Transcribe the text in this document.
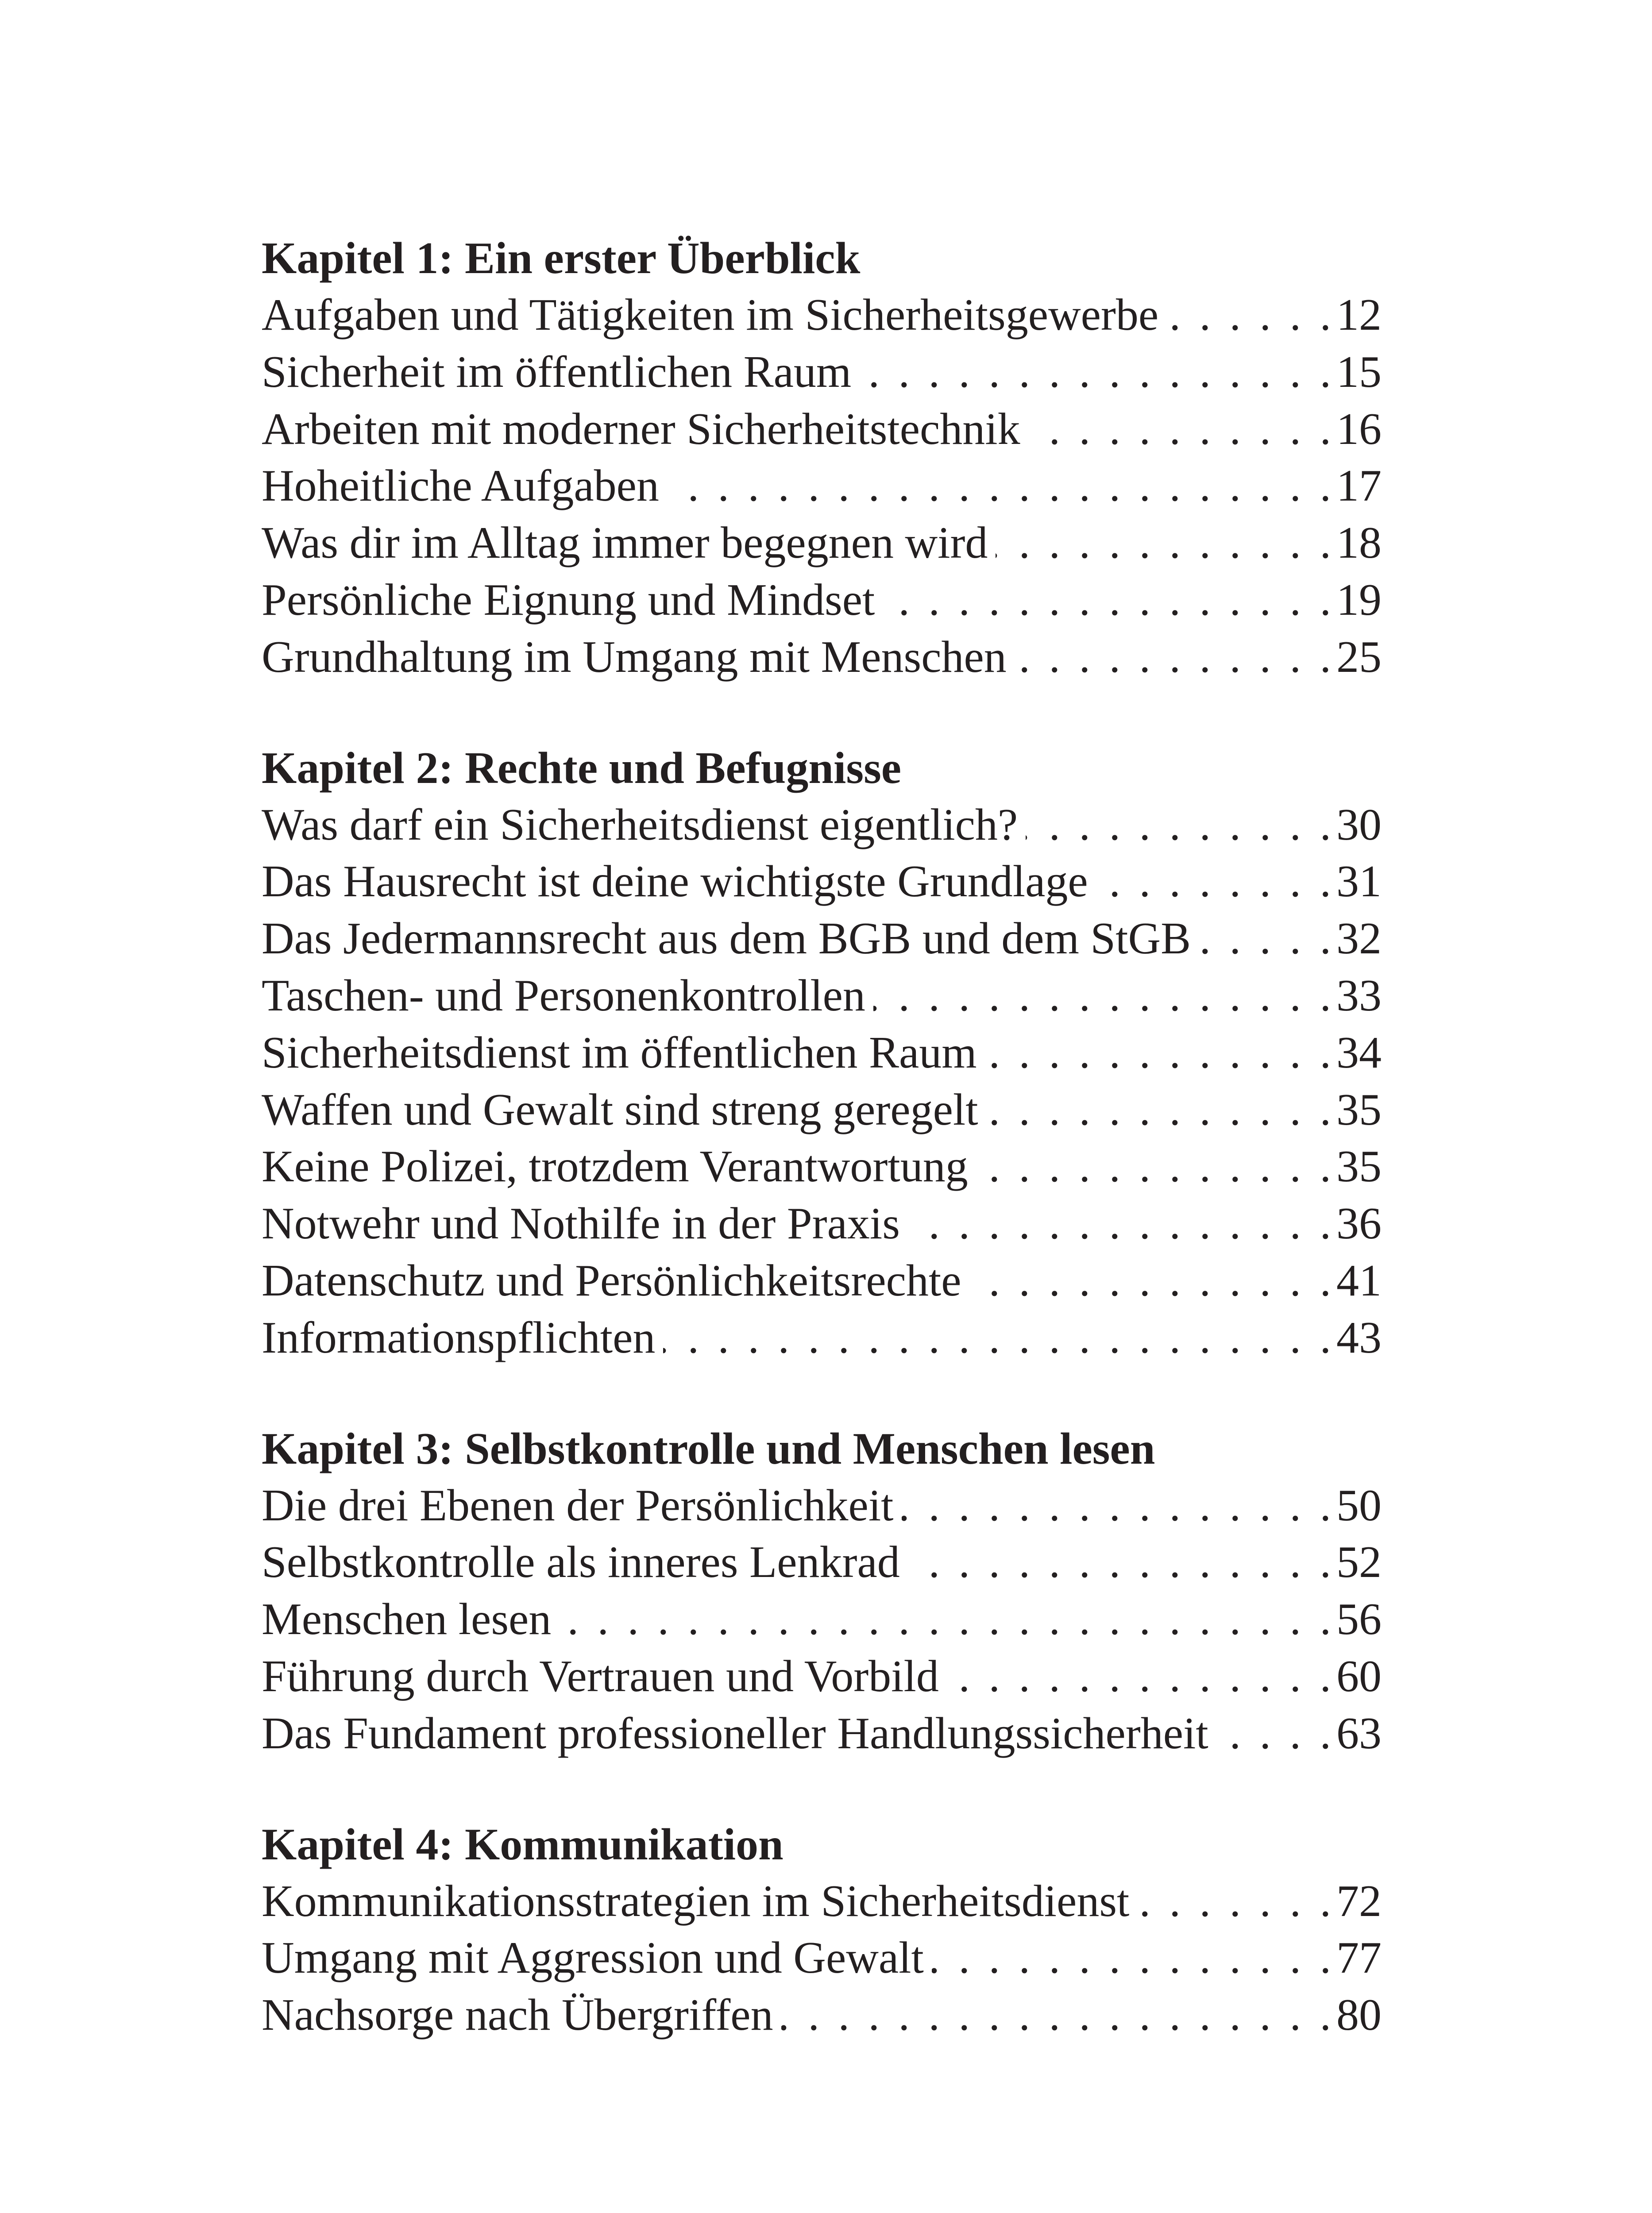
Kapitel 1: Ein erster Überblick
Aufgaben und Tätigkeiten im Sicherheitsgewerbe . . .	12
Sicherheit im öffentlichen Raum . . .	15
Arbeiten mit moderner Sicherheitstechnik . . .	16
Hoheitliche Aufgaben . . .	17
Was dir im Alltag immer begegnen wird . . .	18
Persönliche Eignung und Mindset . . .	19
Grundhaltung im Umgang mit Menschen . . .	25
Kapitel 2: Rechte und Befugnisse
Was darf ein Sicherheitsdienst eigentlich? . . .	30
Das Hausrecht ist deine wichtigste Grundlage . . .	31
Das Jedermannsrecht aus dem BGB und dem StGB . . .	32
Taschen- und Personenkontrollen . . .	33
Sicherheitsdienst im öffentlichen Raum . . .	34
Waffen und Gewalt sind streng geregelt . . .	35
Keine Polizei, trotzdem Verantwortung . . .	35
Notwehr und Nothilfe in der Praxis . . .	36
Datenschutz und Persönlichkeitsrechte . . .	41
Informationspflichten . . .	43
Kapitel 3: Selbstkontrolle und Menschen lesen
Die drei Ebenen der Persönlichkeit . . .	50
Selbstkontrolle als inneres Lenkrad . . .	52
Menschen lesen . . .	56
Führung durch Vertrauen und Vorbild . . .	60
Das Fundament professioneller Handlungssicherheit . . .	63
Kapitel 4: Kommunikation
Kommunikationsstrategien im Sicherheitsdienst . . .	72
Umgang mit Aggression und Gewalt . . .	77
Nachsorge nach Übergriffen . . .	80
